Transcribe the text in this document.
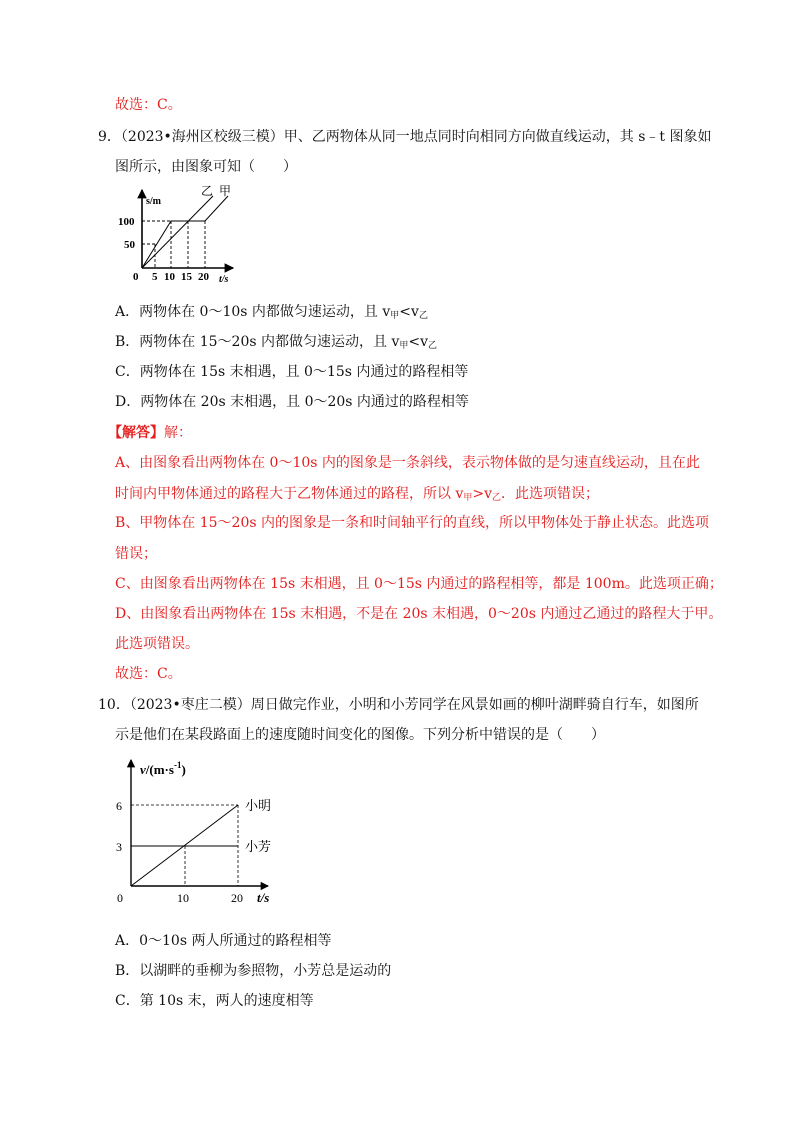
故选：C。
9．（2023•海州区校级三模）甲、乙两物体从同一地点同时向相同方向做直线运动，其 s﹣t 图象如
图所示，由图象可知（　　）
s/m
100
50
0 5 10 15 20 t/s
乙 甲
A．两物体在 0～10s 内都做匀速运动，且 $v_甲<v_乙$
B．两物体在 15～20s 内都做匀速运动，且 $v_甲<v_乙$
C．两物体在 15s 末相遇，且 0～15s 内通过的路程相等
D．两物体在 20s 末相遇，且 0～20s 内通过的路程相等
【解答】解：
A、由图象看出两物体在 0～10s 内的图象是一条斜线，表示物体做的是匀速直线运动，且在此
时间内甲物体通过的路程大于乙物体通过的路程，所以 $v_甲>v_乙$．此选项错误；
B、甲物体在 15～20s 内的图象是一条和时间轴平行的直线，所以甲物体处于静止状态。此选项
错误；
C、由图象看出两物体在 15s 末相遇，且 0～15s 内通过的路程相等，都是 100m。此选项正确；
D、由图象看出两物体在 15s 末相遇，不是在 20s 末相遇，0～20s 内通过乙通过的路程大于甲。
此选项错误。
故选：C。
10．（2023•枣庄二模）周日做完作业，小明和小芳同学在风景如画的柳叶湖畔骑自行车，如图所
示是他们在某段路面上的速度随时间变化的图像。下列分析中错误的是（　　）
$v/(m\cdot s^{-1})$
6
3
0	10	20 t/s
小明
小芳
A．0～10s 两人所通过的路程相等
B．以湖畔的垂柳为参照物，小芳总是运动的
C．第 10s 末，两人的速度相等
